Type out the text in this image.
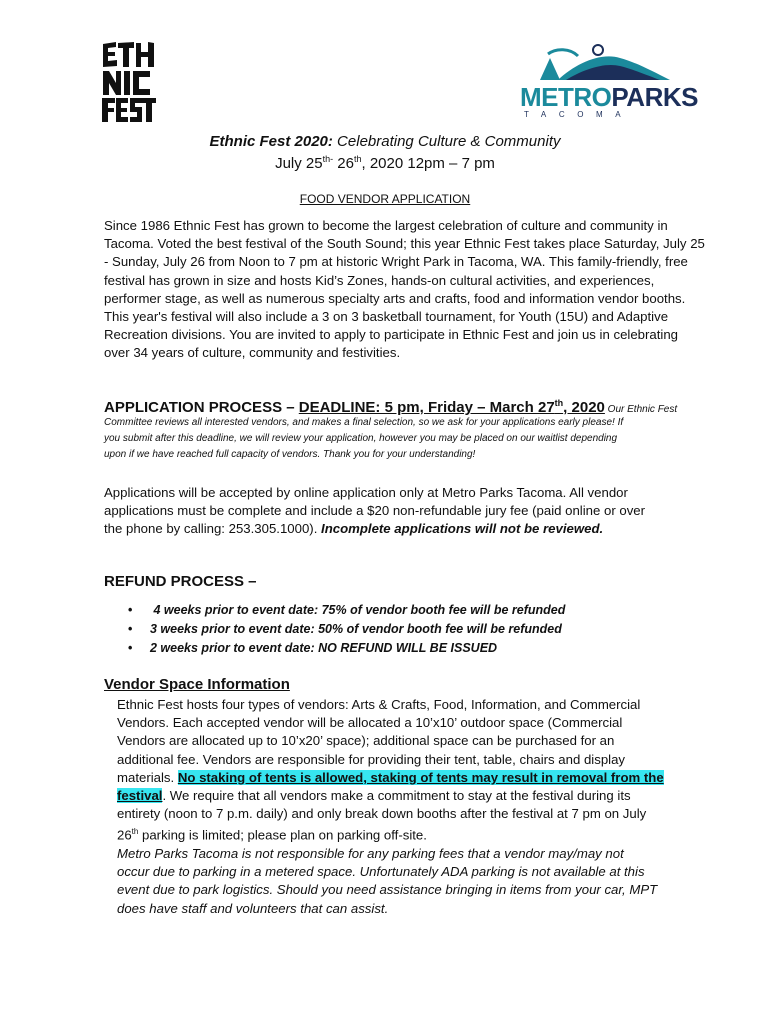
METROPARKS
TACOMA
Ethnic Fest 2020: Celebrating Culture & Community
July $25^{th-}$ 26th, 2020 12pm – 7 pm
FOOD VENDOR APPLICATION
Since 1986 Ethnic Fest has grown to become the largest celebration of culture and community in
Tacoma. Voted the best festival of the South Sound; this year Ethnic Fest takes place Saturday, July 25
- Sunday, July 26 from Noon to 7 pm at historic Wright Park in Tacoma, WA. This family-friendly, free
festival has grown in size and hosts Kid’s Zones, hands-on cultural activities, and experiences,
performer stage, as well as numerous specialty arts and crafts, food and information vendor booths.
This year's festival will also include a 3 on 3 basketball tournament, for Youth (15U) and Adaptive
Recreation divisions. You are invited to apply to participate in Ethnic Fest and join us in celebrating
over 34 years of culture, community and festivities.
APPLICATION PROCESS – DEADLINE: 5 pm, Friday – March 27th, 2020 Our Ethnic Fest
Committee reviews all interested vendors, and makes a final selection, so we ask for your applications early please! If
you submit after this deadline, we will review your application, however you may be placed on our waitlist depending
upon if we have reached full capacity of vendors. Thank you for your understanding!
Applications will be accepted by online application only at Metro Parks Tacoma. All vendor
applications must be complete and include a $20 non-refundable jury fee (paid online or over
the phone by calling: 253.305.1000). Incomplete applications will not be reviewed.
REFUND PROCESS –
• 4 weeks prior to event date: 75% of vendor booth fee will be refunded
• 3 weeks prior to event date: 50% of vendor booth fee will be refunded
• 2 weeks prior to event date: NO REFUND WILL BE ISSUED
Vendor Space Information
Ethnic Fest hosts four types of vendors: Arts & Crafts, Food, Information, and Commercial
Vendors. Each accepted vendor will be allocated a 10’x10’ outdoor space (Commercial
Vendors are allocated up to 10’x20’ space); additional space can be purchased for an
additional fee. Vendors are responsible for providing their tent, table, chairs and display
materials. No staking of tents is allowed, staking of tents may result in removal from the
festival. We require that all vendors make a commitment to stay at the festival during its
entirety (noon to 7 p.m. daily) and only break down booths after the festival at 7 pm on July
26th parking is limited; please plan on parking off-site.
Metro Parks Tacoma is not responsible for any parking fees that a vendor may/may not
occur due to parking in a metered space. Unfortunately ADA parking is not available at this
event due to park logistics. Should you need assistance bringing in items from your car, MPT
does have staff and volunteers that can assist.
